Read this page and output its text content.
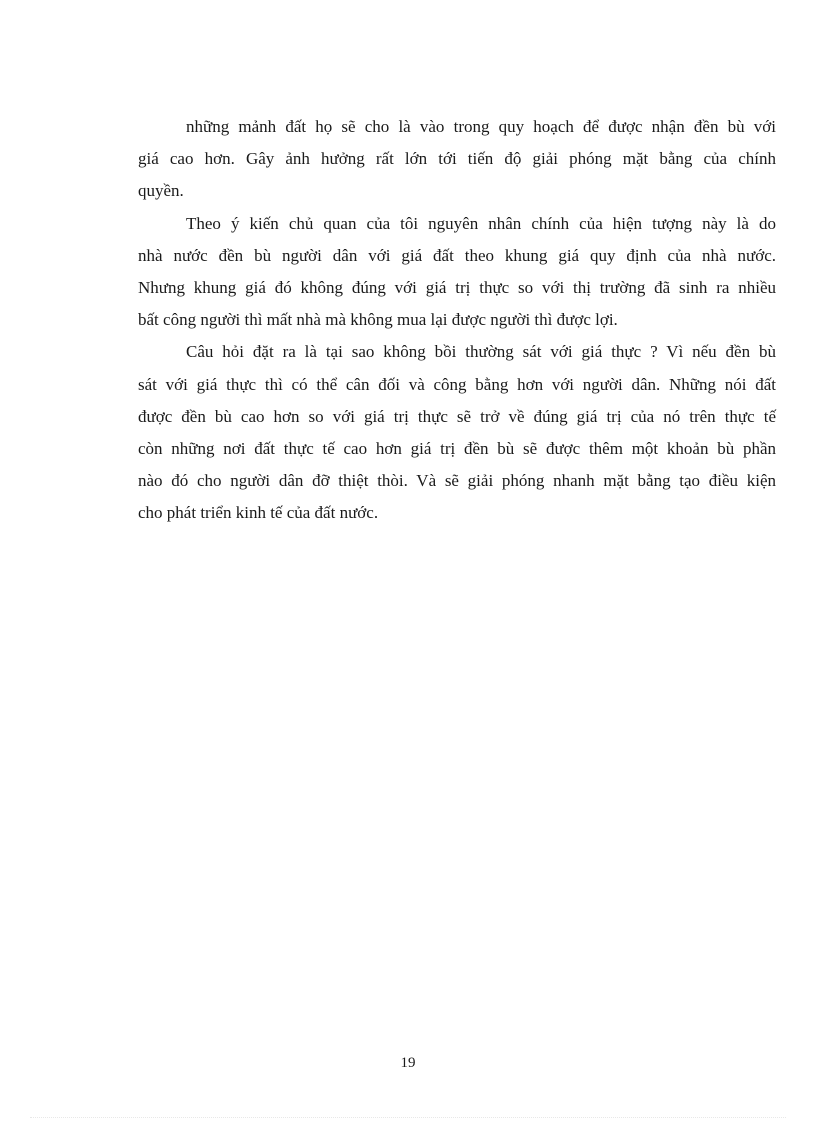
những mảnh đất họ sẽ cho là vào trong quy hoạch để được nhận đền bù với
giá cao hơn. Gây ảnh hưởng rất lớn tới tiến độ giải phóng mặt bằng của chính
quyền.
Theo ý kiến chủ quan của tôi nguyên nhân chính của hiện tượng này là do
nhà nước đền bù người dân với giá đất theo khung giá quy định của nhà nước.
Nhưng khung giá đó không đúng với giá trị thực so với thị trường đã sinh ra nhiều
bất công người thì mất nhà mà không mua lại được người thì được lợi.
Câu hỏi đặt ra là tại sao không bồi thường sát với giá thực ? Vì nếu đền bù
sát với giá thực thì có thể cân đối và công bằng hơn với người dân. Những nói đất
được đền bù cao hơn so với giá trị thực sẽ trở về đúng giá trị của nó trên thực tế
còn những nơi đất thực tế cao hơn giá trị đền bù sẽ được thêm một khoản bù phần
nào đó cho người dân đỡ thiệt thòi. Và sẽ giải phóng nhanh mặt bằng tạo điều kiện
cho phát triển kinh tế của đất nước.
19
